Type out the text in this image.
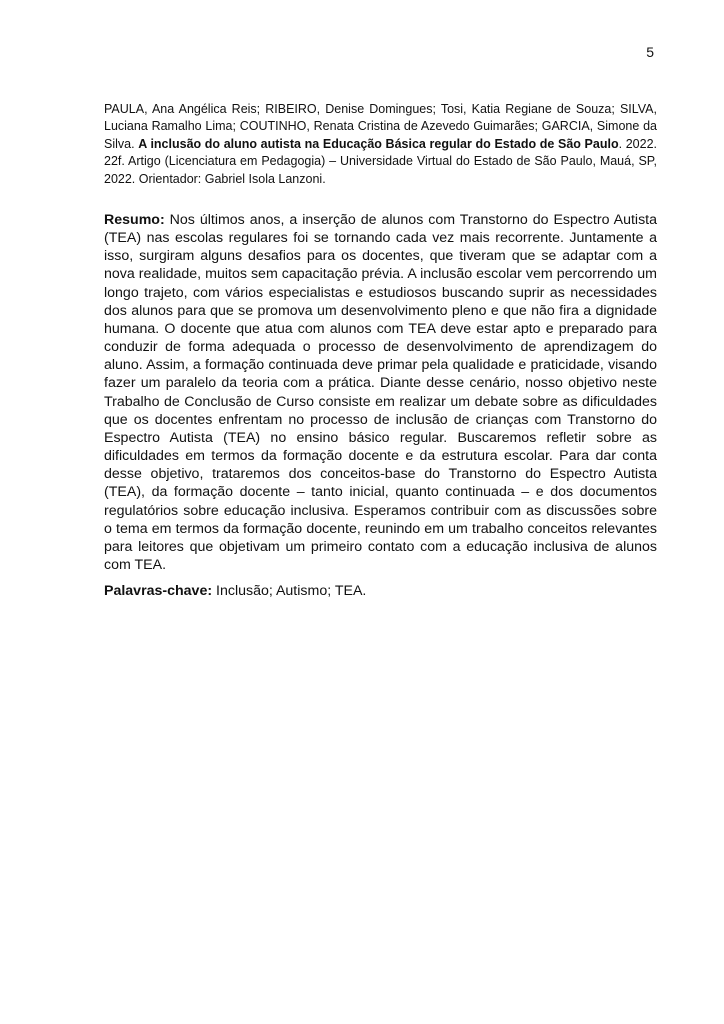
5

PAULA, Ana Angélica Reis; RIBEIRO, Denise Domingues; Tosi, Katia Regiane de Souza; SILVA, Luciana Ramalho Lima; COUTINHO, Renata Cristina de Azevedo Guimarães; GARCIA, Simone da Silva. A inclusão do aluno autista na Educação Básica regular do Estado de São Paulo. 2022. 22f. Artigo (Licenciatura em Pedagogia) – Universidade Virtual do Estado de São Paulo, Mauá, SP, 2022. Orientador: Gabriel Isola Lanzoni.

Resumo: Nos últimos anos, a inserção de alunos com Transtorno do Espectro Autista (TEA) nas escolas regulares foi se tornando cada vez mais recorrente. Juntamente a isso, surgiram alguns desafios para os docentes, que tiveram que se adaptar com a nova realidade, muitos sem capacitação prévia. A inclusão escolar vem percorrendo um longo trajeto, com vários especialistas e estudiosos buscando suprir as necessidades dos alunos para que se promova um desenvolvimento pleno e que não fira a dignidade humana. O docente que atua com alunos com TEA deve estar apto e preparado para conduzir de forma adequada o processo de desenvolvimento de aprendizagem do aluno. Assim, a formação continuada deve primar pela qualidade e praticidade, visando fazer um paralelo da teoria com a prática. Diante desse cenário, nosso objetivo neste Trabalho de Conclusão de Curso consiste em realizar um debate sobre as dificuldades que os docentes enfrentam no processo de inclusão de crianças com Transtorno do Espectro Autista (TEA) no ensino básico regular. Buscaremos refletir sobre as dificuldades em termos da formação docente e da estrutura escolar. Para dar conta desse objetivo, trataremos dos conceitos-base do Transtorno do Espectro Autista (TEA), da formação docente – tanto inicial, quanto continuada – e dos documentos regulatórios sobre educação inclusiva. Esperamos contribuir com as discussões sobre o tema em termos da formação docente, reunindo em um trabalho conceitos relevantes para leitores que objetivam um primeiro contato com a educação inclusiva de alunos com TEA.

Palavras-chave: Inclusão; Autismo; TEA.
